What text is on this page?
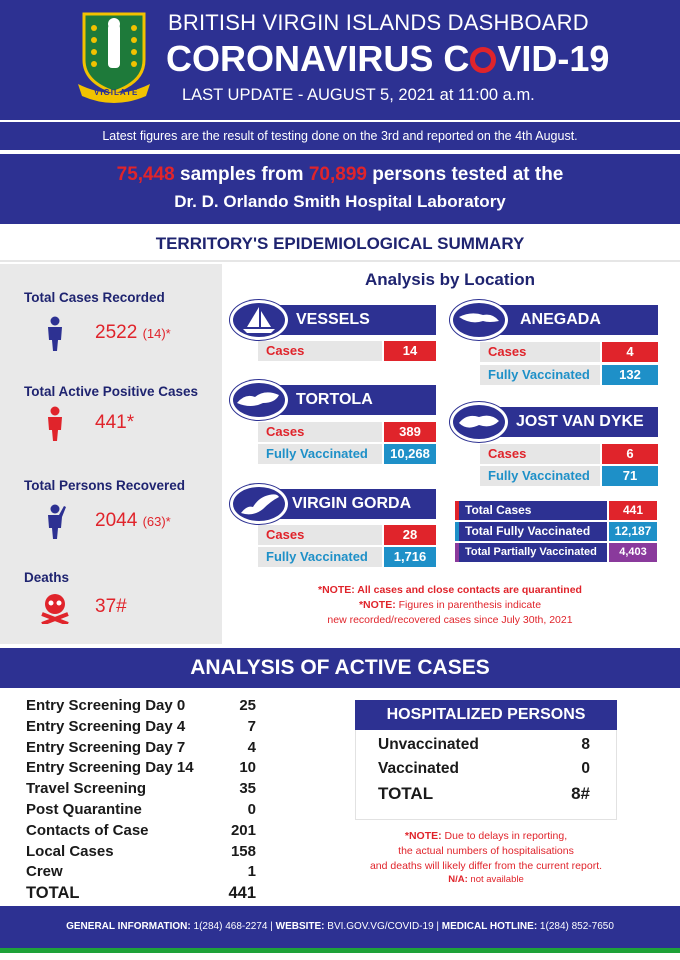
VIGILATE
BRITISH VIRGIN ISLANDS DASHBOARD
CORONAVIRUS C VID-19
LAST UPDATE - AUGUST 5, 2021 at 11:00 a.m.
Latest figures are the result of testing done on the 3rd and reported on the 4th August.
75,448 samples from 70,899 persons tested at the
Dr. D. Orlando Smith Hospital Laboratory
TERRITORY'S EPIDEMIOLOGICAL SUMMARY
Total Cases Recorded
2522 (14)*
Total Active Positive Cases
441*
Total Persons Recovered
2044 (63)*
Deaths
37#
Analysis by Location
VESSELS
Cases	14
ANEGADA
Cases	4
Fully Vaccinated	132
TORTOLA
Cases	389
Fully Vaccinated	10,268
JOST VAN DYKE
Cases	6
Fully Vaccinated	71
VIRGIN GORDA
Cases	28
Fully Vaccinated	1,716
Total Cases	441
Total Fully Vaccinated	12,187
Total Partially Vaccinated	4,403
*NOTE: All cases and close contacts are quarantined
*NOTE: Figures in parenthesis indicate
new recorded/recovered cases since July 30th, 2021
ANALYSIS OF ACTIVE CASES
Entry Screening Day 0	25
Entry Screening Day 4	7
Entry Screening Day 7	4
Entry Screening Day 14	10
Travel Screening	35
Post Quarantine	0
Contacts of Case	201
Local Cases	158
Crew	1
TOTAL	441
HOSPITALIZED PERSONS
Unvaccinated	8
Vaccinated	0
TOTAL	8#
*NOTE: Due to delays in reporting,
the actual numbers of hospitalisations
and deaths will likely differ from the current report.
N/A: not available
GENERAL INFORMATION: 1(284) 468-2274 | WEBSITE: BVI.GOV.VG/COVID-19 | MEDICAL HOTLINE: 1(284) 852-7650
